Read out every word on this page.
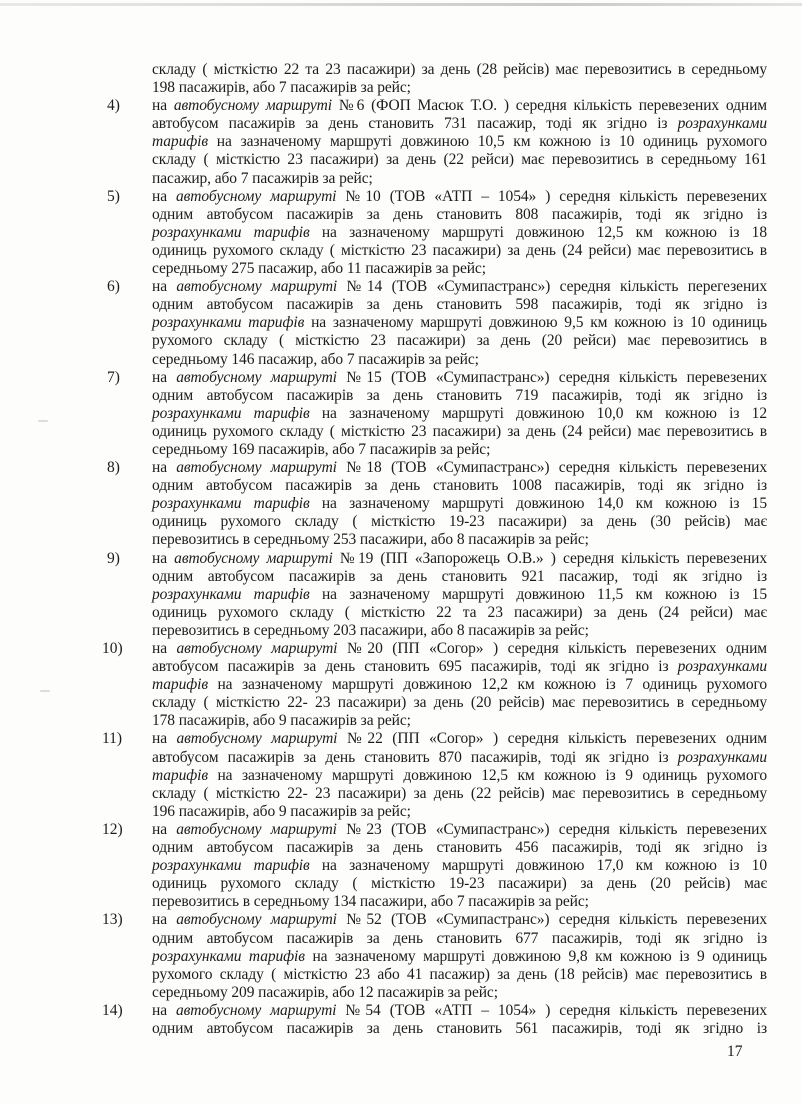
складу ( місткістю 22 та 23 пасажири) за день (28 рейсів) має перевозитись в середньому
198 пасажирів, або 7 пасажирів за рейс;
4) на автобусному маршруті №6 (ФОП Масюк Т.О. ) середня кількість перевезених одним
автобусом пасажирів за день становить 731 пасажир, тоді як згідно із розрахунками
тарифів на зазначеному маршруті довжиною 10,5 км кожною із 10 одиниць рухомого
складу ( місткістю 23 пасажири) за день (22 рейси) має перевозитись в середньому 161
пасажир, або 7 пасажирів за рейс;
5) на автобусному маршруті №10 (ТОВ «АТП – 1054» ) середня кількість перевезених
одним автобусом пасажирів за день становить 808 пасажирів, тоді як згідно із
розрахунками тарифів на зазначеному маршруті довжиною 12,5 км кожною із 18
одиниць рухомого складу ( місткістю 23 пасажири) за день (24 рейси) має перевозитись в
середньому 275 пасажир, або 11 пасажирів за рейс;
6) на автобусному маршруті №14 (ТОВ «Сумипастранс») середня кількість перегезених
одним автобусом пасажирів за день становить 598 пасажирів, тоді як згідно із
розрахунками тарифів на зазначеному маршруті довжиною 9,5 км кожною із 10 одиниць
рухомого складу ( місткістю 23 пасажири) за день (20 рейси) має перевозитись в
середньому 146 пасажир, або 7 пасажирів за рейс;
7) на автобусному маршруті №15 (ТОВ «Сумипастранс») середня кількість перевезених
одним автобусом пасажирів за день становить 719 пасажирів, тоді як згідно із
розрахунками тарифів на зазначеному маршруті довжиною 10,0 км кожною із 12
одиниць рухомого складу ( місткістю 23 пасажири) за день (24 рейси) має перевозитись в
середньому 169 пасажирів, або 7 пасажирів за рейс;
8) на автобусному маршруті №18 (ТОВ «Сумипастранс») середня кількість перевезених
одним автобусом пасажирів за день становить 1008 пасажирів, тоді як згідно із
розрахунками тарифів на зазначеному маршруті довжиною 14,0 км кожною із 15
одиниць рухомого складу ( місткістю 19-23 пасажири) за день (30 рейсів) має
перевозитись в середньому 253 пасажири, або 8 пасажирів за рейс;
9) на автобусному маршруті №19 (ПП «Запорожець О.В.» ) середня кількість перевезених
одним автобусом пасажирів за день становить 921 пасажир, тоді як згідно із
розрахунками тарифів на зазначеному маршруті довжиною 11,5 км кожною із 15
одиниць рухомого складу ( місткістю 22 та 23 пасажири) за день (24 рейси) має
перевозитись в середньому 203 пасажири, або 8 пасажирів за рейс;
10) на автобусному маршруті №20 (ПП «Согор» ) середня кількість перевезених одним
автобусом пасажирів за день становить 695 пасажирів, тоді як згідно із розрахунками
тарифів на зазначеному маршруті довжиною 12,2 км кожною із 7 одиниць рухомого
складу ( місткістю 22- 23 пасажири) за день (20 рейсів) має перевозитись в середньому
178 пасажирів, або 9 пасажирів за рейс;
11) на автобусному маршруті №22 (ПП «Согор» ) середня кількість перевезених одним
автобусом пасажирів за день становить 870 пасажирів, тоді як згідно із розрахунками
тарифів на зазначеному маршруті довжиною 12,5 км кожною із 9 одиниць рухомого
складу ( місткістю 22- 23 пасажири) за день (22 рейсів) має перевозитись в середньому
196 пасажирів, або 9 пасажирів за рейс;
12) на автобусному маршруті №23 (ТОВ «Сумипастранс») середня кількість перевезених
одним автобусом пасажирів за день становить 456 пасажирів, тоді як згідно із
розрахунками тарифів на зазначеному маршруті довжиною 17,0 км кожною із 10
одиниць рухомого складу ( місткістю 19-23 пасажири) за день (20 рейсів) має
перевозитись в середньому 134 пасажири, або 7 пасажирів за рейс;
13) на автобусному маршруті №52 (ТОВ «Сумипастранс») середня кількість перевезених
одним автобусом пасажирів за день становить 677 пасажирів, тоді як згідно із
розрахунками тарифів на зазначеному маршруті довжиною 9,8 км кожною із 9 одиниць
рухомого складу ( місткістю 23 або 41 пасажир) за день (18 рейсів) має перевозитись в
середньому 209 пасажирів, або 12 пасажирів за рейс;
14) на автобусному маршруті №54 (ТОВ «АТП – 1054» ) середня кількість перевезених
одним автобусом пасажирів за день становить 561 пасажирів, тоді як згідно із
17
